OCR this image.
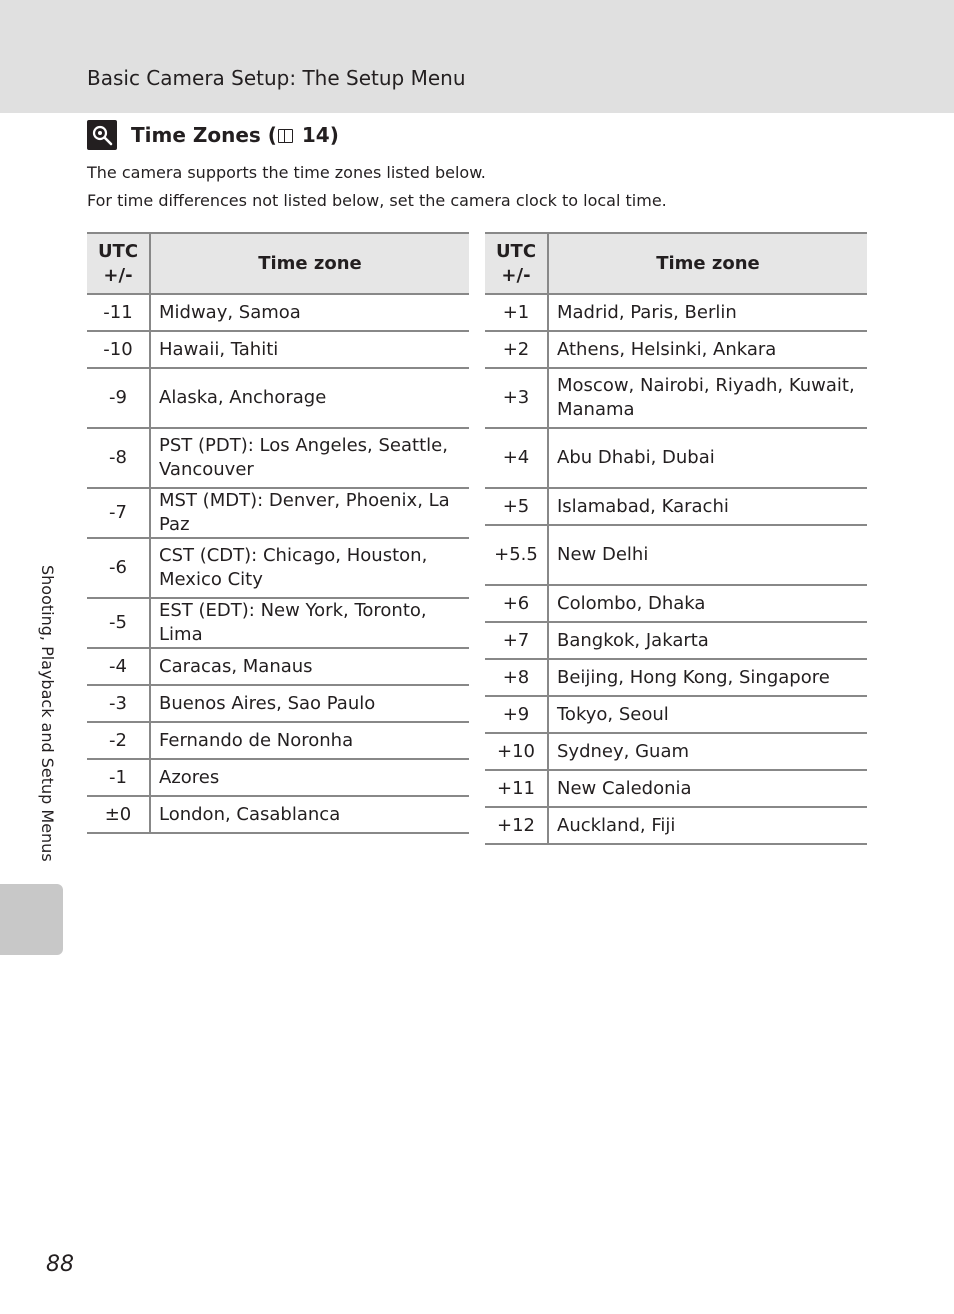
Basic Camera Setup: The Setup Menu
Time Zones ( 14)
The camera supports the time zones listed below.
For time differences not listed below, set the camera clock to local time.
UTC
+/-	Time zone
-11	Midway, Samoa
-10	Hawaii, Tahiti
-9	Alaska, Anchorage
-8	PST (PDT): Los Angeles, Seattle, Vancouver
-7	MST (MDT): Denver, Phoenix, La Paz
-6	CST (CDT): Chicago, Houston, Mexico City
-5	EST (EDT): New York, Toronto, Lima
-4	Caracas, Manaus
-3	Buenos Aires, Sao Paulo
-2	Fernando de Noronha
-1	Azores
±0	London, Casablanca
UTC
+/-	Time zone
+1	Madrid, Paris, Berlin
+2	Athens, Helsinki, Ankara
+3	Moscow, Nairobi, Riyadh, Kuwait, Manama
+4	Abu Dhabi, Dubai
+5	Islamabad, Karachi
+5.5	New Delhi
+6	Colombo, Dhaka
+7	Bangkok, Jakarta
+8	Beijing, Hong Kong, Singapore
+9	Tokyo, Seoul
+10	Sydney, Guam
+11	New Caledonia
+12	Auckland, Fiji
Shooting, Playback and Setup Menus
88
